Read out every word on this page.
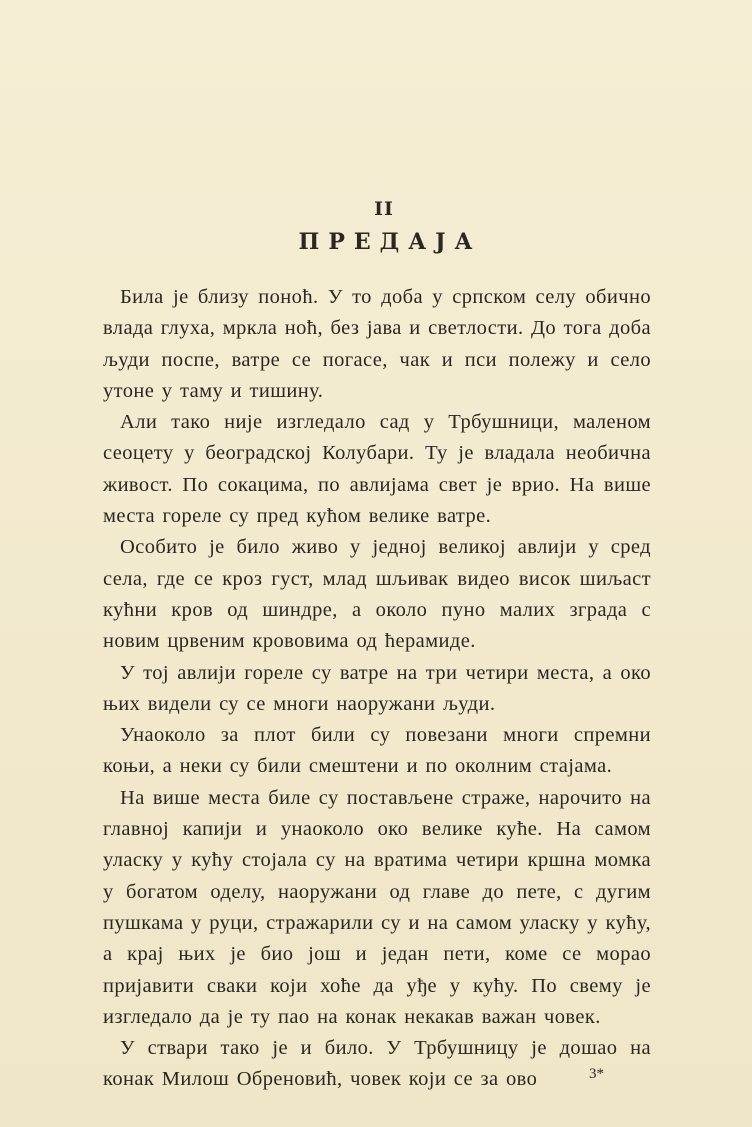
II
ПРЕДАЈА

Била је близу поноћ. У то доба у српском селу обично влада глуха, мркла ноћ, без јава и светлости. До тога доба људи поспе, ватре се погасе, чак и пси полежу и село утоне у таму и тишину.

Али тако није изгледало сад у Трбушници, маленом сеоцету у београдској Колубари. Ту је владала необична живост. По сокацима, по авлијама свет је врио. На више места гореле су пред кућом велике ватре.

Особито је било живо у једној великој авлији у сред села, где се кроз густ, млад шљивак видео висок шиљаст кућни кров од шиндре, а около пуно малих зграда с новим црвеним крововима од ћерамиде.

У тој авлији гореле су ватре на три четири места, а око њих видели су се многи наоружани људи.

Унаоколо за плот били су повезани многи спремни коњи, а неки су били смештени и по околним стајама.

На више места биле су постављене страже, нарочито на главној капији и унаоколо око велике куће. На самом уласку у кућу стојала су на вратима четири кршна момка у богатом оделу, наоружани од главе до пете, с дугим пушкама у руци, стражарили су и на самом уласку у кућу, а крај њих је био још и један пети, коме се морао пријавити сваки који хоће да уђе у кућу. По свему је изгледало да је ту пао на конак некакав важан човек.

У ствари тако је и било. У Трбушницу је дошао на конак Милош Обреновић, човек који се за ово	3*
